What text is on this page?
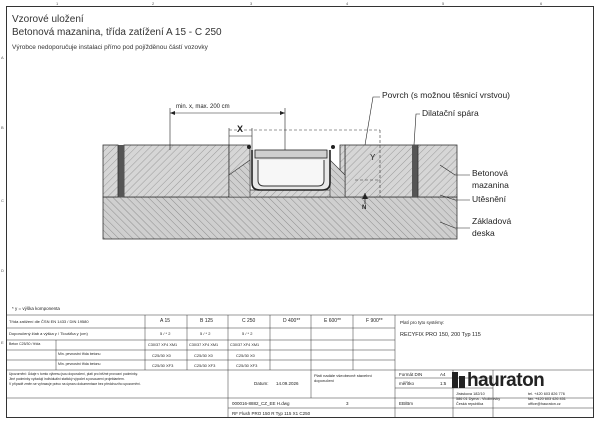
1	2	3	4	5	6
A
B
C
D
E
Vzorové uložení
Betonová mazanina, třída zatížení A 15 - C 250
Výrobce nedoporučuje instalaci přímo pod pojížděnou částí vozovky
min. x, max. 200 cm
X
Y
N
Povrch (s možnou těsnicí vrstvou)
Dilatační spára
Betonová
mazanina
Utěsnění
Základová
deska
* y = výška komponenta
Třída zatížení dle ČSN EN 1433 / DIN 19580	A 15	B 125	C 250	D 400**	E 600**	F 900**
Doporučený žlab a výška y / Tloušťka y (cm)	5 / * 2	5 / * 2	5 / * 2
Beton C25/30 / třída	C30/37 XF4 XM1	C30/37 XF4 XM1	C30/37 XF4 XM1
Min. pevnostní třída betonu	C25/30 X0	C25/30 X0	C25/30 X0
Min. pevnostní třída betonu	C25/30 XF3	C25/30 XF3	C25/30 XF3
Platí pro tyto systémy:
RECYFIX PRO 150, 200 Typ 115
Upozornění: Údaje v tomto výkresu jsou doporučení, platí pro běžné provozní podmínky.
Jiné podmínky vyžadují individuální statický výpočet a posouzení projektantem.
V případě změn se vyhrazuje právo na úpravu dokumentace bez předchozího upozornění.	Datum: 14.09.2026
Platí nadále všeobecně stavební doporučení
000016-8882_CZ_EE H.dwg	3
RF Flush PRO 150 R Typ 115 X1 C250
Formát DIN	A4
měřítko	1:5
EB/Bm
hauraton
Jiráskova 182/10
586 01 Dyma - Vložinovky
Česká republika
tel. +420 603 826 776
fax. +420 603 426 451
office@hauraton.cz
